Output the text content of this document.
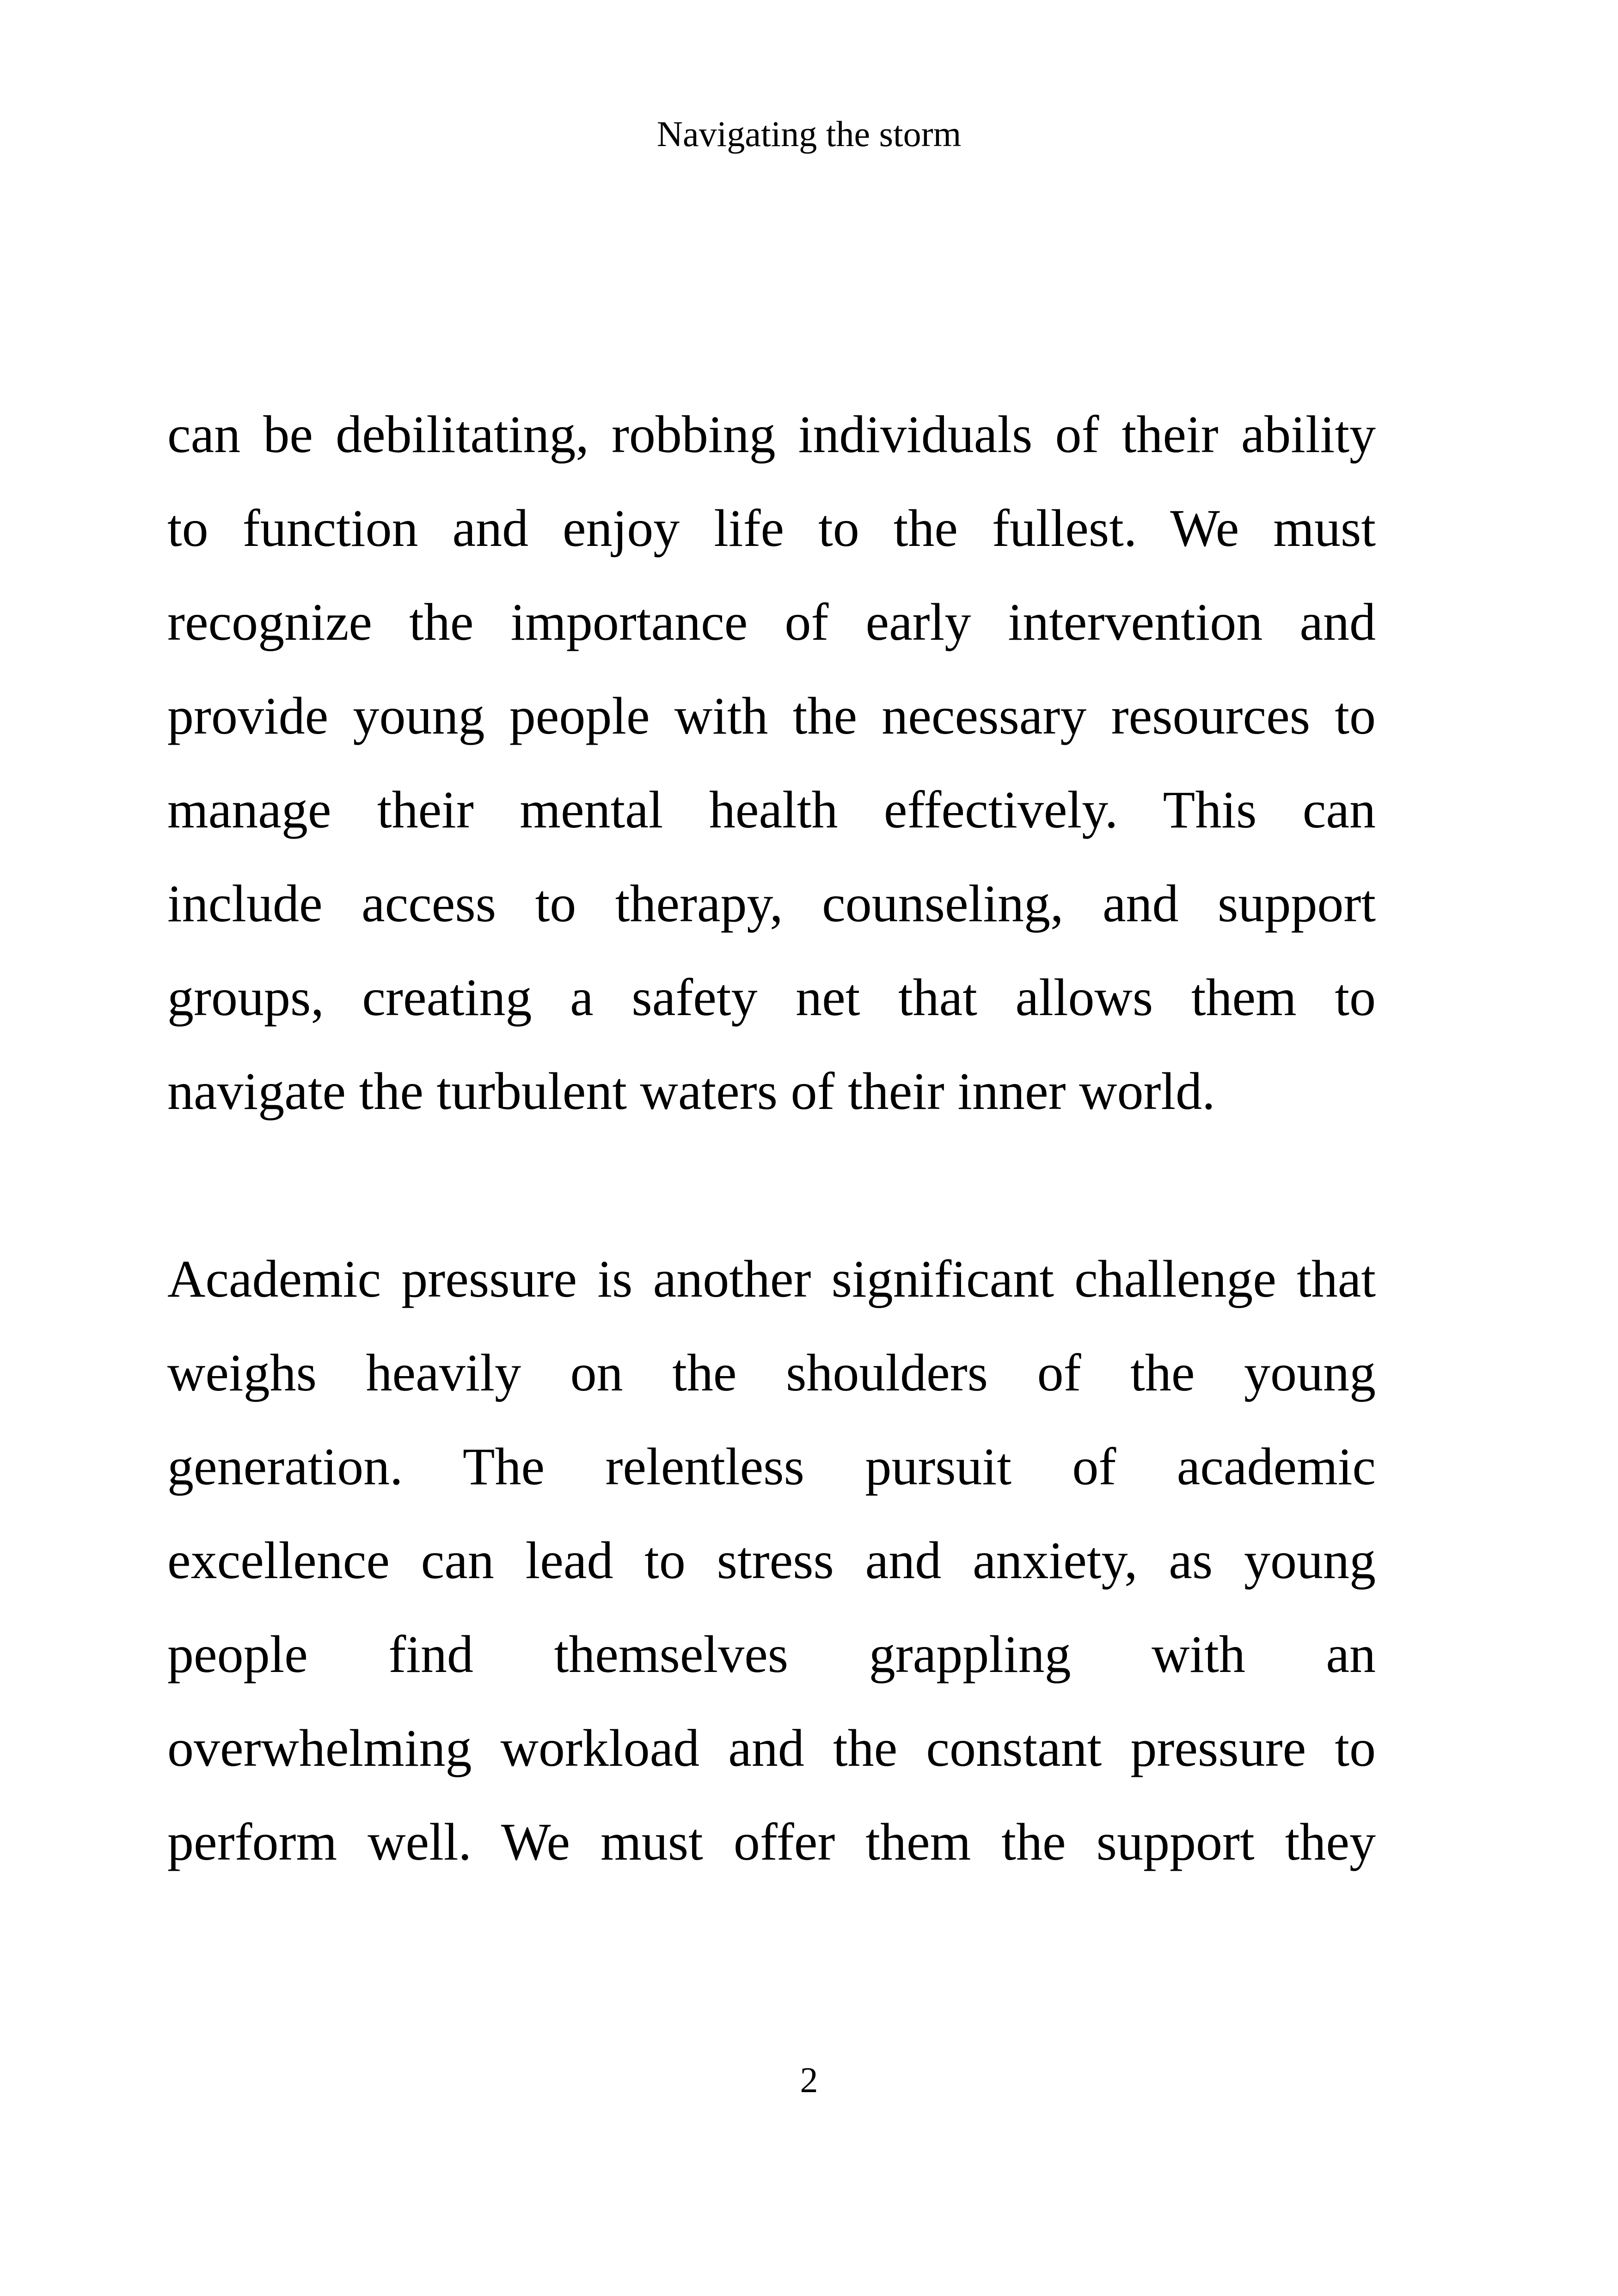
Navigating the storm
can be debilitating, robbing individuals of their ability
to function and enjoy life to the fullest. We must
recognize the importance of early intervention and
provide young people with the necessary resources to
manage their mental health effectively. This can
include access to therapy, counseling, and support
groups, creating a safety net that allows them to
navigate the turbulent waters of their inner world.
Academic pressure is another significant challenge that
weighs heavily on the shoulders of the young
generation. The relentless pursuit of academic
excellence can lead to stress and anxiety, as young
people find themselves grappling with an
overwhelming workload and the constant pressure to
perform well. We must offer them the support they
2
